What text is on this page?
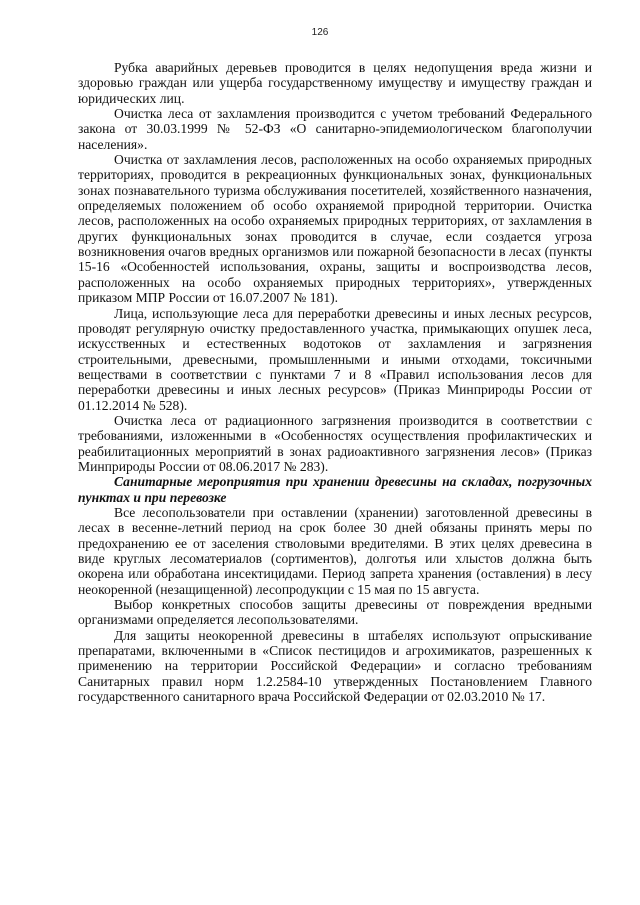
126

Рубка аварийных деревьев проводится в целях недопущения вреда жизни и здоровью граждан или ущерба государственному имуществу и имуществу граждан и юридических лиц.

Очистка леса от захламления производится с учетом требований Федерального закона от 30.03.1999 № 52-ФЗ «О санитарно-эпидемиологическом благополучии населения».

Очистка от захламления лесов, расположенных на особо охраняемых природных территориях, проводится в рекреационных функциональных зонах, функциональных зонах познавательного туризма обслуживания посетителей, хозяйственного назначения, определяемых положением об особо охраняемой природной территории. Очистка лесов, расположенных на особо охраняемых природных территориях, от захламления в других функциональных зонах проводится в случае, если создается угроза возникновения очагов вредных организмов или пожарной безопасности в лесах (пункты 15-16 «Особенностей использования, охраны, защиты и воспроизводства лесов, расположенных на особо охраняемых природных территориях», утвержденных приказом МПР России от 16.07.2007 № 181).

Лица, использующие леса для переработки древесины и иных лесных ресурсов, проводят регулярную очистку предоставленного участка, примыкающих опушек леса, искусственных и естественных водотоков от захламления и загрязнения строительными, древесными, промышленными и иными отходами, токсичными веществами в соответствии с пунктами 7 и 8 «Правил использования лесов для переработки древесины и иных лесных ресурсов» (Приказ Минприроды России от 01.12.2014 № 528).

Очистка леса от радиационного загрязнения производится в соответствии с требованиями, изложенными в «Особенностях осуществления профилактических и реабилитационных мероприятий в зонах радиоактивного загрязнения лесов» (Приказ Минприроды России от 08.06.2017 № 283).

Санитарные мероприятия при хранении древесины на складах, погрузочных пунктах и при перевозке

Все лесопользователи при оставлении (хранении) заготовленной древесины в лесах в весенне-летний период на срок более 30 дней обязаны принять меры по предохранению ее от заселения стволовыми вредителями. В этих целях древесина в виде круглых лесоматериалов (сортиментов), долготья или хлыстов должна быть окорена или обработана инсектицидами. Период запрета хранения (оставления) в лесу неокоренной (незащищенной) лесопродукции с 15 мая по 15 августа.

Выбор конкретных способов защиты древесины от повреждения вредными организмами определяется лесопользователями.

Для защиты неокоренной древесины в штабелях используют опрыскивание препаратами, включенными в «Список пестицидов и агрохимикатов, разрешенных к применению на территории Российской Федерации» и согласно требованиям Санитарных правил норм 1.2.2584-10 утвержденных Постановлением Главного государственного санитарного врача Российской Федерации от 02.03.2010 № 17.
